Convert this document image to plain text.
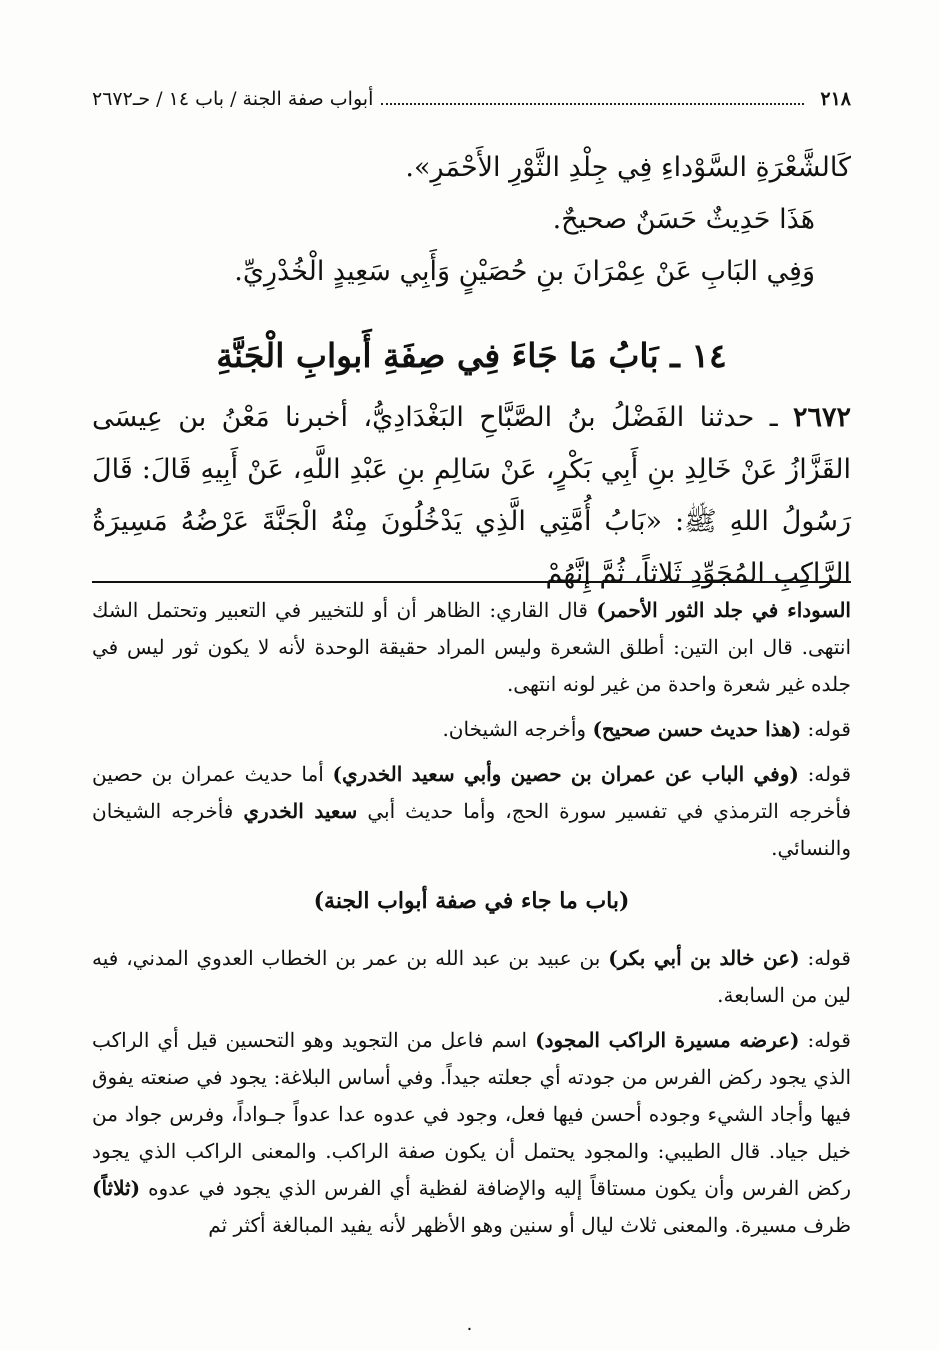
٢١٨
أبواب صفة الجنة / باب ١٤ / حـ٢٦٧٢

كَالشَّعْرَةِ السَّوْداءِ فِي جِلْدِ الثَّوْرِ الأَحْمَرِ».

هَذَا حَدِيثٌ حَسَنٌ صحيحٌ.

وَفِي البَابِ عَنْ عِمْرَانَ بنِ حُصَيْنٍ وَأَبِي سَعِيدٍ الْخُدْرِيِّ.

١٤ ـ بَابُ مَا جَاءَ فِي صِفَةِ أَبوابِ الْجَنَّةِ

٢٦٧٢ ـ حدثنا الفَضْلُ بنُ الصَّبَّاحِ البَغْدَادِيُّ، أخبرنا مَعْنُ بن عِيسَى القَزَّازُ عَنْ خَالِدِ بنِ أَبِي بَكْرٍ، عَنْ سَالِمِ بنِ عَبْدِ اللَّهِ، عَنْ أَبِيهِ قَالَ: قَالَ رَسُولُ اللهِ ﷺ: «بَابُ أُمَّتِي الَّذِي يَدْخُلُونَ مِنْهُ الْجَنَّةَ عَرْضُهُ مَسِيرَةُ الرَّاكِبِ المُجَوِّدِ ثَلاثاً، ثُمَّ إِنَّهُمْ

السوداء في جلد الثور الأحمر) قال القاري: الظاهر أن أو للتخيير في التعبير وتحتمل الشك انتهى. قال ابن التين: أطلق الشعرة وليس المراد حقيقة الوحدة لأنه لا يكون ثور ليس في جلده غير شعرة واحدة من غير لونه انتهى.

قوله: (هذا حديث حسن صحيح) وأخرجه الشيخان.

قوله: (وفي الباب عن عمران بن حصين وأبي سعيد الخدري) أما حديث عمران بن حصين فأخرجه الترمذي في تفسير سورة الحج، وأما حديث أبي سعيد الخدري فأخرجه الشيخان والنسائي.

(باب ما جاء في صفة أبواب الجنة)

قوله: (عن خالد بن أبي بكر) بن عبيد بن عبد الله بن عمر بن الخطاب العدوي المدني، فيه لين من السابعة.

قوله: (عرضه مسيرة الراكب المجود) اسم فاعل من التجويد وهو التحسين قيل أي الراكب الذي يجود ركض الفرس من جودته أي جعلته جيداً. وفي أساس البلاغة: يجود في صنعته يفوق فيها وأجاد الشيء وجوده أحسن فيها فعل، وجود في عدوه عدا عدواً جـواداً، وفرس جواد من خيل جياد. قال الطيبي: والمجود يحتمل أن يكون صفة الراكب. والمعنى الراكب الذي يجود ركض الفرس وأن يكون مستاقاً إليه والإضافة لفظية أي الفرس الذي يجود في عدوه (ثلاثاً) ظرف مسيرة. والمعنى ثلاث ليال أو سنين وهو الأظهر لأنه يفيد المبالغة أكثر ثم

٠
